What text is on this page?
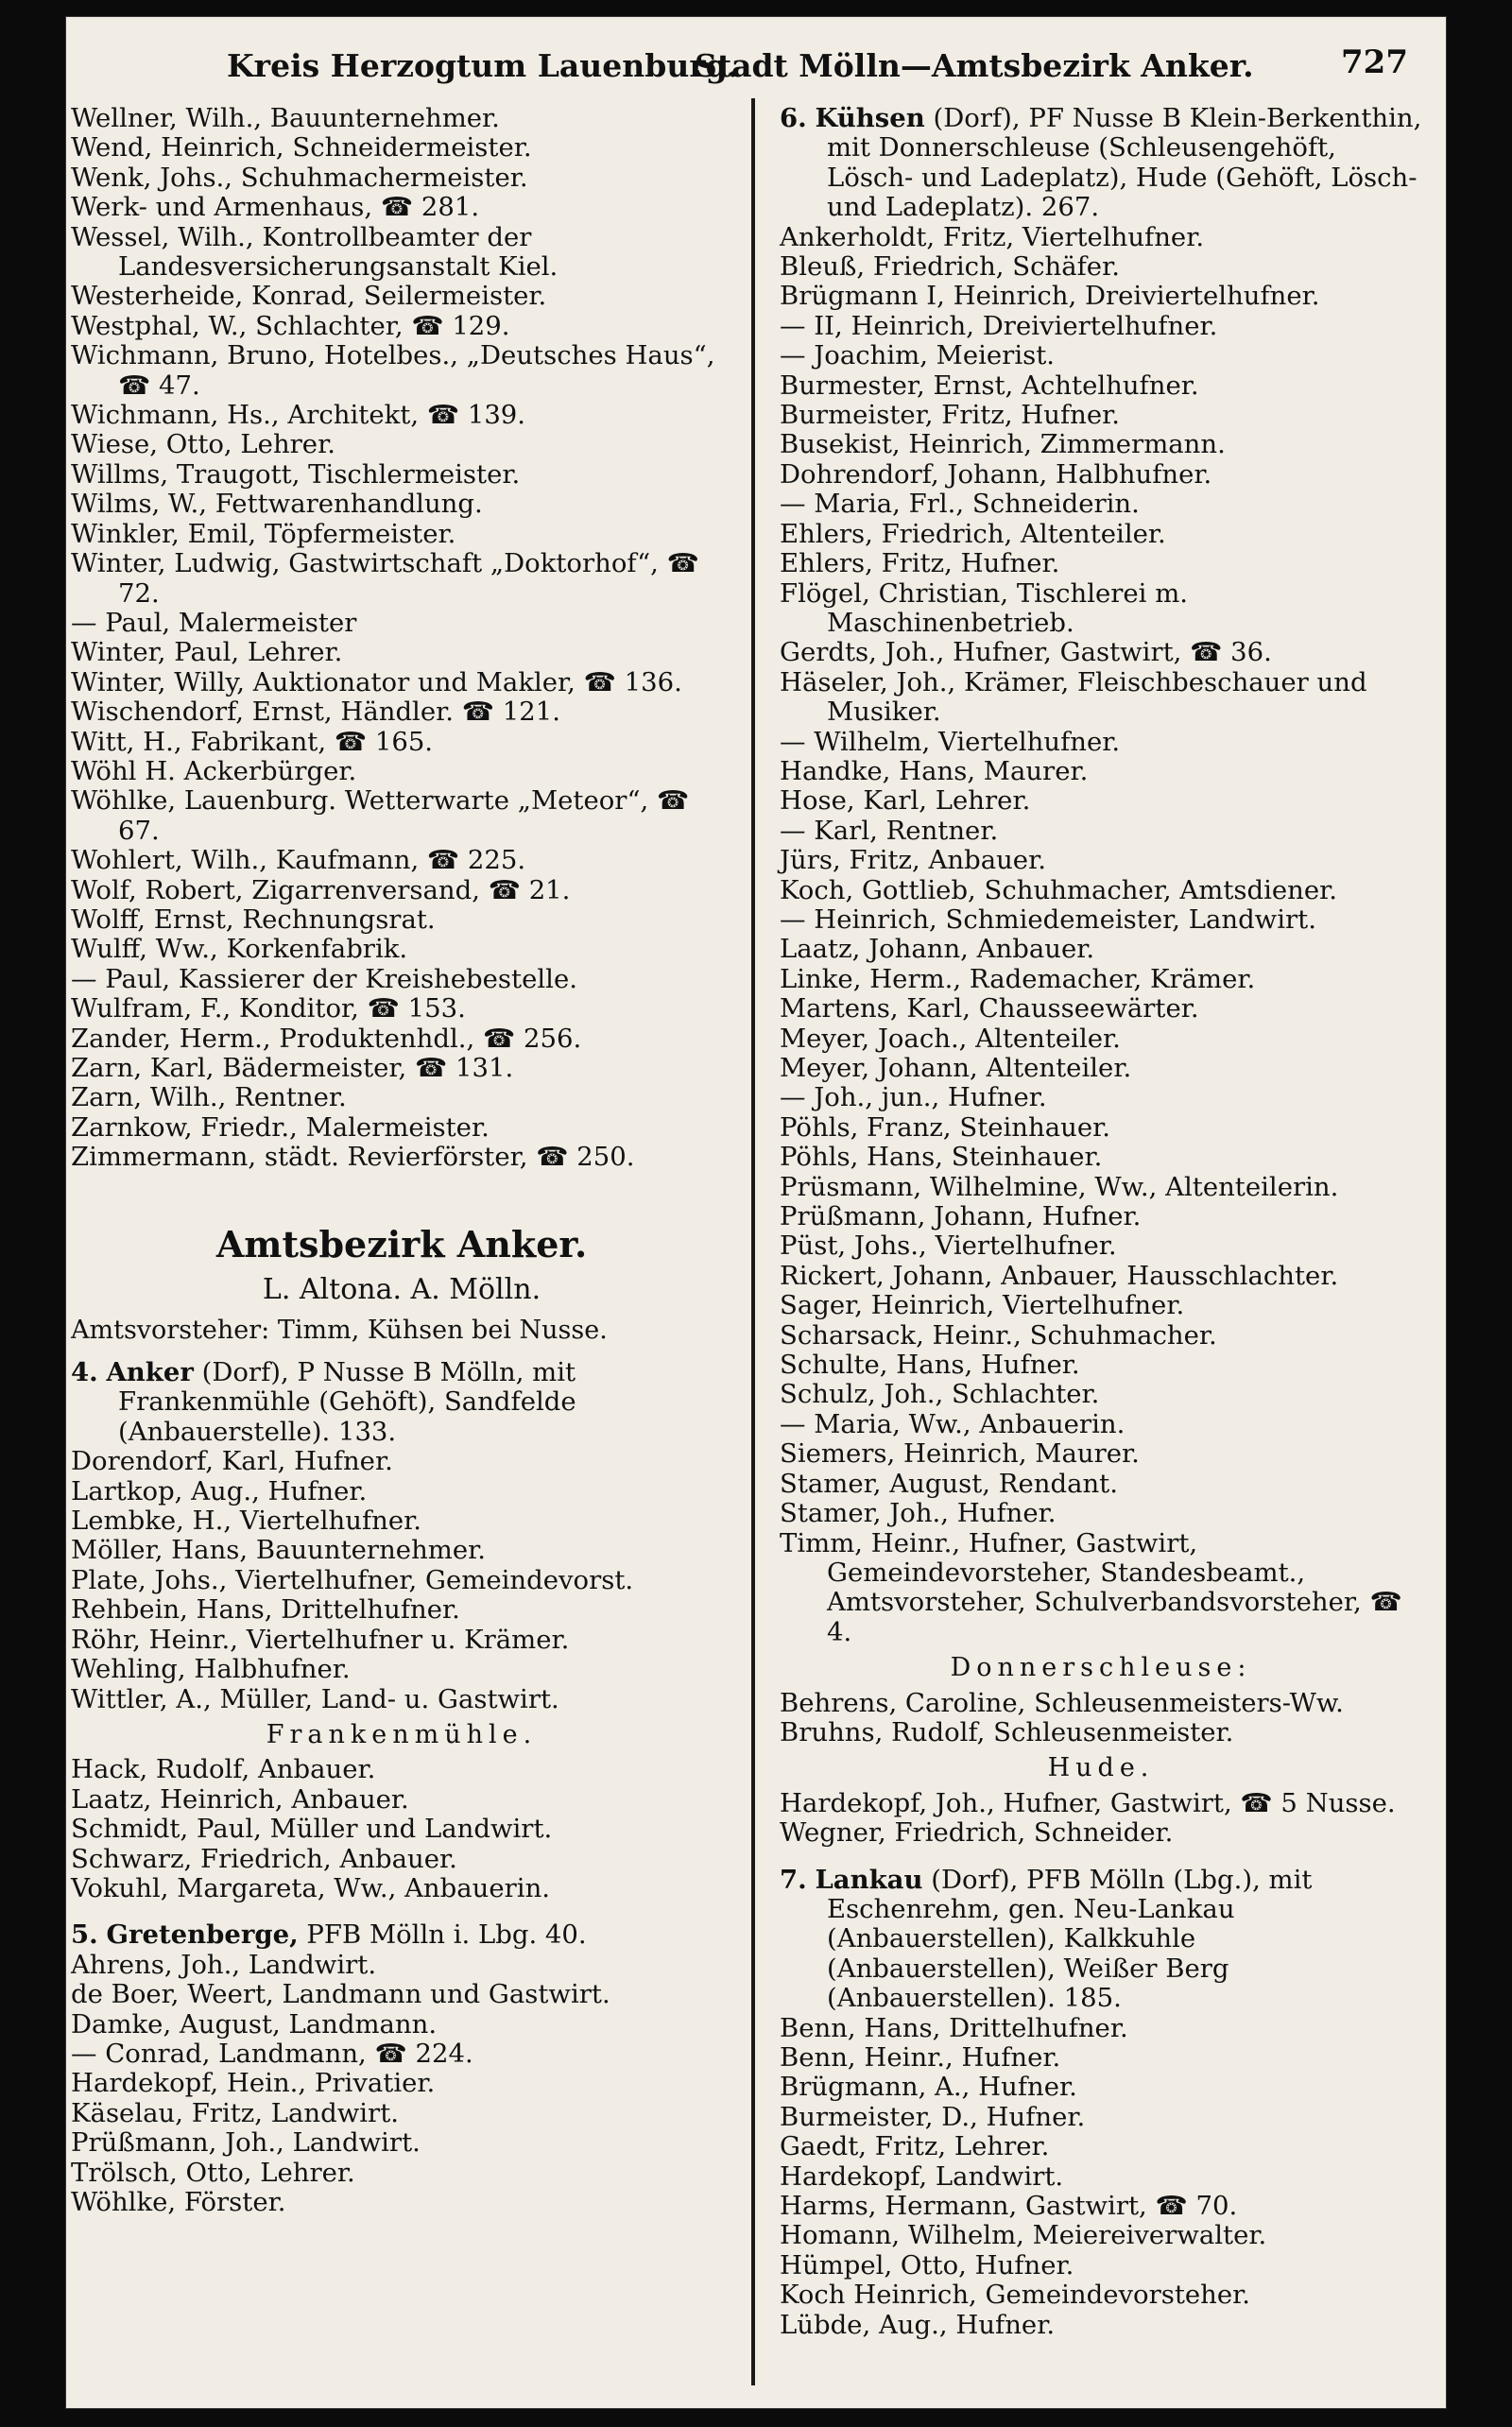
Kreis Herzogtum Lauenburg.
Stadt Mölln—Amtsbezirk Anker.	727
Wellner, Wilh., Bauunternehmer.
Wend, Heinrich, Schneidermeister.
Wenk, Johs., Schuhmachermeister.
Werk- und Armenhaus, ☎ 281.
Wessel, Wilh., Kontrollbeamter der Landesversicherungsanstalt Kiel.
Westerheide, Konrad, Seilermeister.
Westphal, W., Schlachter, ☎ 129.
Wichmann, Bruno, Hotelbes., „Deutsches Haus“, ☎ 47.
Wichmann, Hs., Architekt, ☎ 139.
Wiese, Otto, Lehrer.
Willms, Traugott, Tischlermeister.
Wilms, W., Fettwarenhandlung.
Winkler, Emil, Töpfermeister.
Winter, Ludwig, Gastwirtschaft „Doktorhof“, ☎ 72.
— Paul, Malermeister
Winter, Paul, Lehrer.
Winter, Willy, Auktionator und Makler, ☎ 136.
Wischendorf, Ernst, Händler. ☎ 121.
Witt, H., Fabrikant, ☎ 165.
Wöhl H. Ackerbürger.
Wöhlke, Lauenburg. Wetterwarte „Meteor“, ☎ 67.
Wohlert, Wilh., Kaufmann, ☎ 225.
Wolf, Robert, Zigarrenversand, ☎ 21.
Wolff, Ernst, Rechnungsrat.
Wulff, Ww., Korkenfabrik.
— Paul, Kassierer der Kreishebestelle.
Wulfram, F., Konditor, ☎ 153.
Zander, Herm., Produktenhdl., ☎ 256.
Zarn, Karl, Bädermeister, ☎ 131.
Zarn, Wilh., Rentner.
Zarnkow, Friedr., Malermeister.
Zimmermann, städt. Revierförster, ☎ 250.
Amtsbezirk Anker.
L. Altona. A. Mölln.
Amtsvorsteher: Timm, Kühsen bei Nusse.
4. Anker (Dorf), P Nusse B Mölln, mit Frankenmühle (Gehöft), Sandfelde (Anbauerstelle). 133.
Dorendorf, Karl, Hufner.
Lartkop, Aug., Hufner.
Lembke, H., Viertelhufner.
Möller, Hans, Bauunternehmer.
Plate, Johs., Viertelhufner, Gemeindevorst.
Rehbein, Hans, Drittelhufner.
Röhr, Heinr., Viertelhufner u. Krämer.
Wehling, Halbhufner.
Wittler, A., Müller, Land- u. Gastwirt.
Frankenmühle.
Hack, Rudolf, Anbauer.
Laatz, Heinrich, Anbauer.
Schmidt, Paul, Müller und Landwirt.
Schwarz, Friedrich, Anbauer.
Vokuhl, Margareta, Ww., Anbauerin.
5. Gretenberge, PFB Mölln i. Lbg. 40.
Ahrens, Joh., Landwirt.
de Boer, Weert, Landmann und Gastwirt.
Damke, August, Landmann.
— Conrad, Landmann, ☎ 224.
Hardekopf, Hein., Privatier.
Käselau, Fritz, Landwirt.
Prüßmann, Joh., Landwirt.
Trölsch, Otto, Lehrer.
Wöhlke, Förster.
6. Kühsen (Dorf), PF Nusse B Klein-Berkenthin, mit Donnerschleuse (Schleusengehöft, Lösch- und Ladeplatz), Hude (Gehöft, Lösch- und Ladeplatz). 267.
Ankerholdt, Fritz, Viertelhufner.
Bleuß, Friedrich, Schäfer.
Brügmann I, Heinrich, Dreiviertelhufner.
— II, Heinrich, Dreiviertelhufner.
— Joachim, Meierist.
Burmester, Ernst, Achtelhufner.
Burmeister, Fritz, Hufner.
Busekist, Heinrich, Zimmermann.
Dohrendorf, Johann, Halbhufner.
— Maria, Frl., Schneiderin.
Ehlers, Friedrich, Altenteiler.
Ehlers, Fritz, Hufner.
Flögel, Christian, Tischlerei m. Maschinenbetrieb.
Gerdts, Joh., Hufner, Gastwirt, ☎ 36.
Häseler, Joh., Krämer, Fleischbeschauer und Musiker.
— Wilhelm, Viertelhufner.
Handke, Hans, Maurer.
Hose, Karl, Lehrer.
— Karl, Rentner.
Jürs, Fritz, Anbauer.
Koch, Gottlieb, Schuhmacher, Amtsdiener.
— Heinrich, Schmiedemeister, Landwirt.
Laatz, Johann, Anbauer.
Linke, Herm., Rademacher, Krämer.
Martens, Karl, Chausseewärter.
Meyer, Joach., Altenteiler.
Meyer, Johann, Altenteiler.
— Joh., jun., Hufner.
Pöhls, Franz, Steinhauer.
Pöhls, Hans, Steinhauer.
Prüsmann, Wilhelmine, Ww., Altenteilerin.
Prüßmann, Johann, Hufner.
Püst, Johs., Viertelhufner.
Rickert, Johann, Anbauer, Hausschlachter.
Sager, Heinrich, Viertelhufner.
Scharsack, Heinr., Schuhmacher.
Schulte, Hans, Hufner.
Schulz, Joh., Schlachter.
— Maria, Ww., Anbauerin.
Siemers, Heinrich, Maurer.
Stamer, August, Rendant.
Stamer, Joh., Hufner.
Timm, Heinr., Hufner, Gastwirt, Gemeindevorsteher, Standesbeamt., Amtsvorsteher, Schulverbandsvorsteher, ☎ 4.
Donnerschleuse:
Behrens, Caroline, Schleusenmeisters-Ww.
Bruhns, Rudolf, Schleusenmeister.
Hude.
Hardekopf, Joh., Hufner, Gastwirt, ☎ 5 Nusse.
Wegner, Friedrich, Schneider.
7. Lankau (Dorf), PFB Mölln (Lbg.), mit Eschenrehm, gen. Neu-Lankau (Anbauerstellen), Kalkkuhle (Anbauerstellen), Weißer Berg (Anbauerstellen). 185.
Benn, Hans, Drittelhufner.
Benn, Heinr., Hufner.
Brügmann, A., Hufner.
Burmeister, D., Hufner.
Gaedt, Fritz, Lehrer.
Hardekopf, Landwirt.
Harms, Hermann, Gastwirt, ☎ 70.
Homann, Wilhelm, Meiereiverwalter.
Hümpel, Otto, Hufner.
Koch Heinrich, Gemeindevorsteher.
Lübde, Aug., Hufner.
